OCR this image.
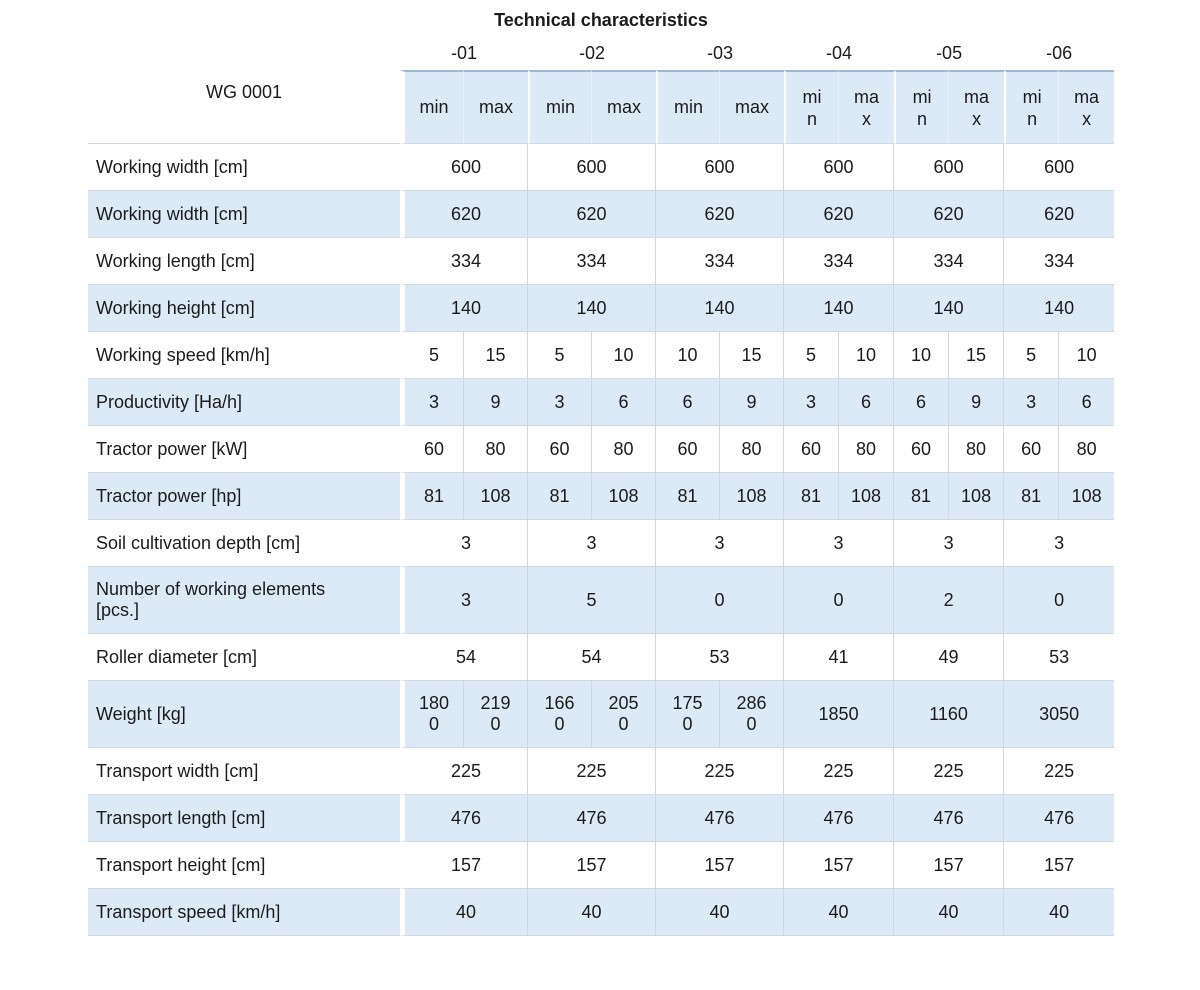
Technical characteristics
WG 0001	-01		-02		-03		-04		-05		-06	
	min	max	min	max	min	max	min	max	min	max	min	max
Working width [cm]	600		600		600		600		600		600	
Working width [cm]	620		620		620		620		620		620	
Working length [cm]	334		334		334		334		334		334	
Working height [cm]	140		140		140		140		140		140	
Working speed [km/h]	5	15	5	10	10	15	5	10	10	15	5	10
Productivity [Ha/h]	3	9	3	6	6	9	3	6	6	9	3	6
Tractor power [kW]	60	80	60	80	60	80	60	80	60	80	60	80
Tractor power [hp]	81	108	81	108	81	108	81	108	81	108	81	108
Soil cultivation depth [cm]	3		3		3		3		3		3	
Number of working elements [pcs.]	3		5		0		0		2		0	
Roller diameter [cm]	54		54		53		41		49		53	
Weight [kg]	1800	2190	1660	2050	1750	2860	1850		1160		3050	
Transport width [cm]	225		225		225		225		225		225	
Transport length [cm]	476		476		476		476		476		476	
Transport height [cm]	157		157		157		157		157		157	
Transport speed [km/h]	40		40		40		40		40		40	
